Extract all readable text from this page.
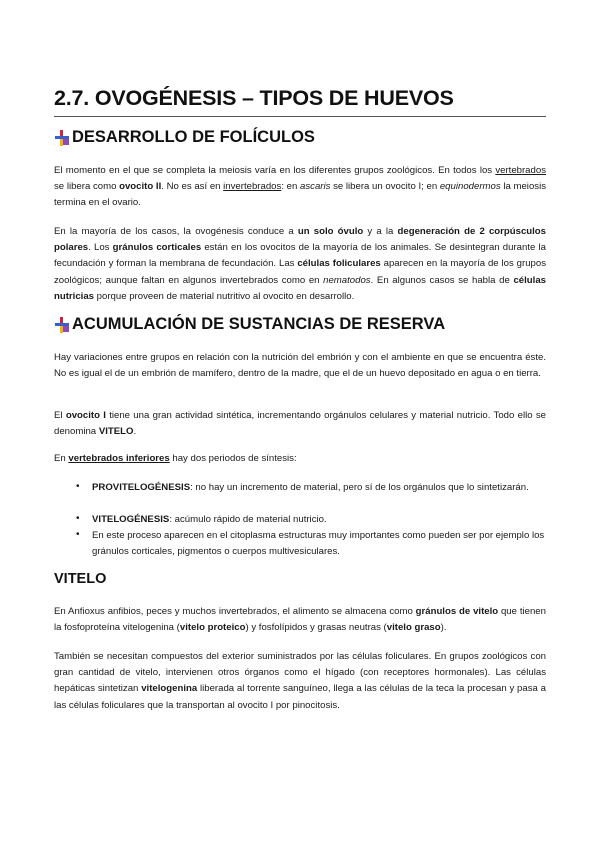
2.7. OVOGÉNESIS – TIPOS DE HUEVOS
DESARROLLO DE FOLÍCULOS

El momento en el que se completa la meiosis varía en los diferentes grupos zoológicos. En todos los vertebrados se libera como ovocito II. No es así en invertebrados: en ascaris se libera un ovocito I; en equinodermos la meiosis termina en el ovario.

En la mayoría de los casos, la ovogénesis conduce a un solo óvulo y a la degeneración de 2 corpúsculos polares. Los gránulos corticales están en los ovocitos de la mayoría de los animales. Se desintegran durante la fecundación y forman la membrana de fecundación. Las células foliculares aparecen en la mayoría de los grupos zoológicos; aunque faltan en algunos invertebrados como en nematodos. En algunos casos se habla de células nutricias porque proveen de material nutritivo al ovocito en desarrollo.

ACUMULACIÓN DE SUSTANCIAS DE RESERVA

Hay variaciones entre grupos en relación con la nutrición del embrión y con el ambiente en que se encuentra éste. No es igual el de un embrión de mamífero, dentro de la madre, que el de un huevo depositado en agua o en tierra.

El ovocito I tiene una gran actividad sintética, incrementando orgánulos celulares y material nutricio. Todo ello se denomina VITELO.

En vertebrados inferiores hay dos periodos de síntesis:

• PROVITELOGÉNESIS: no hay un incremento de material, pero sí de los orgánulos que lo sintetizarán.

• VITELOGÉNESIS: acúmulo rápido de material nutricio.

• En este proceso aparecen en el citoplasma estructuras muy importantes como pueden ser por ejemplo los gránulos corticales, pigmentos o cuerpos multivesiculares.

VITELO

En Anfioxus anfibios, peces y muchos invertebrados, el alimento se almacena como gránulos de vitelo que tienen la fosfoproteína vitelogenina (vitelo proteico) y fosfolípidos y grasas neutras (vitelo graso).

También se necesitan compuestos del exterior suministrados por las células foliculares. En grupos zoológicos con gran cantidad de vitelo, intervienen otros órganos como el hígado (con receptores hormonales). Las células hepáticas sintetizan vitelogenina liberada al torrente sanguíneo, llega a las células de la teca la procesan y pasa a las células foliculares que la transportan al ovocito I por pinocitosis.
